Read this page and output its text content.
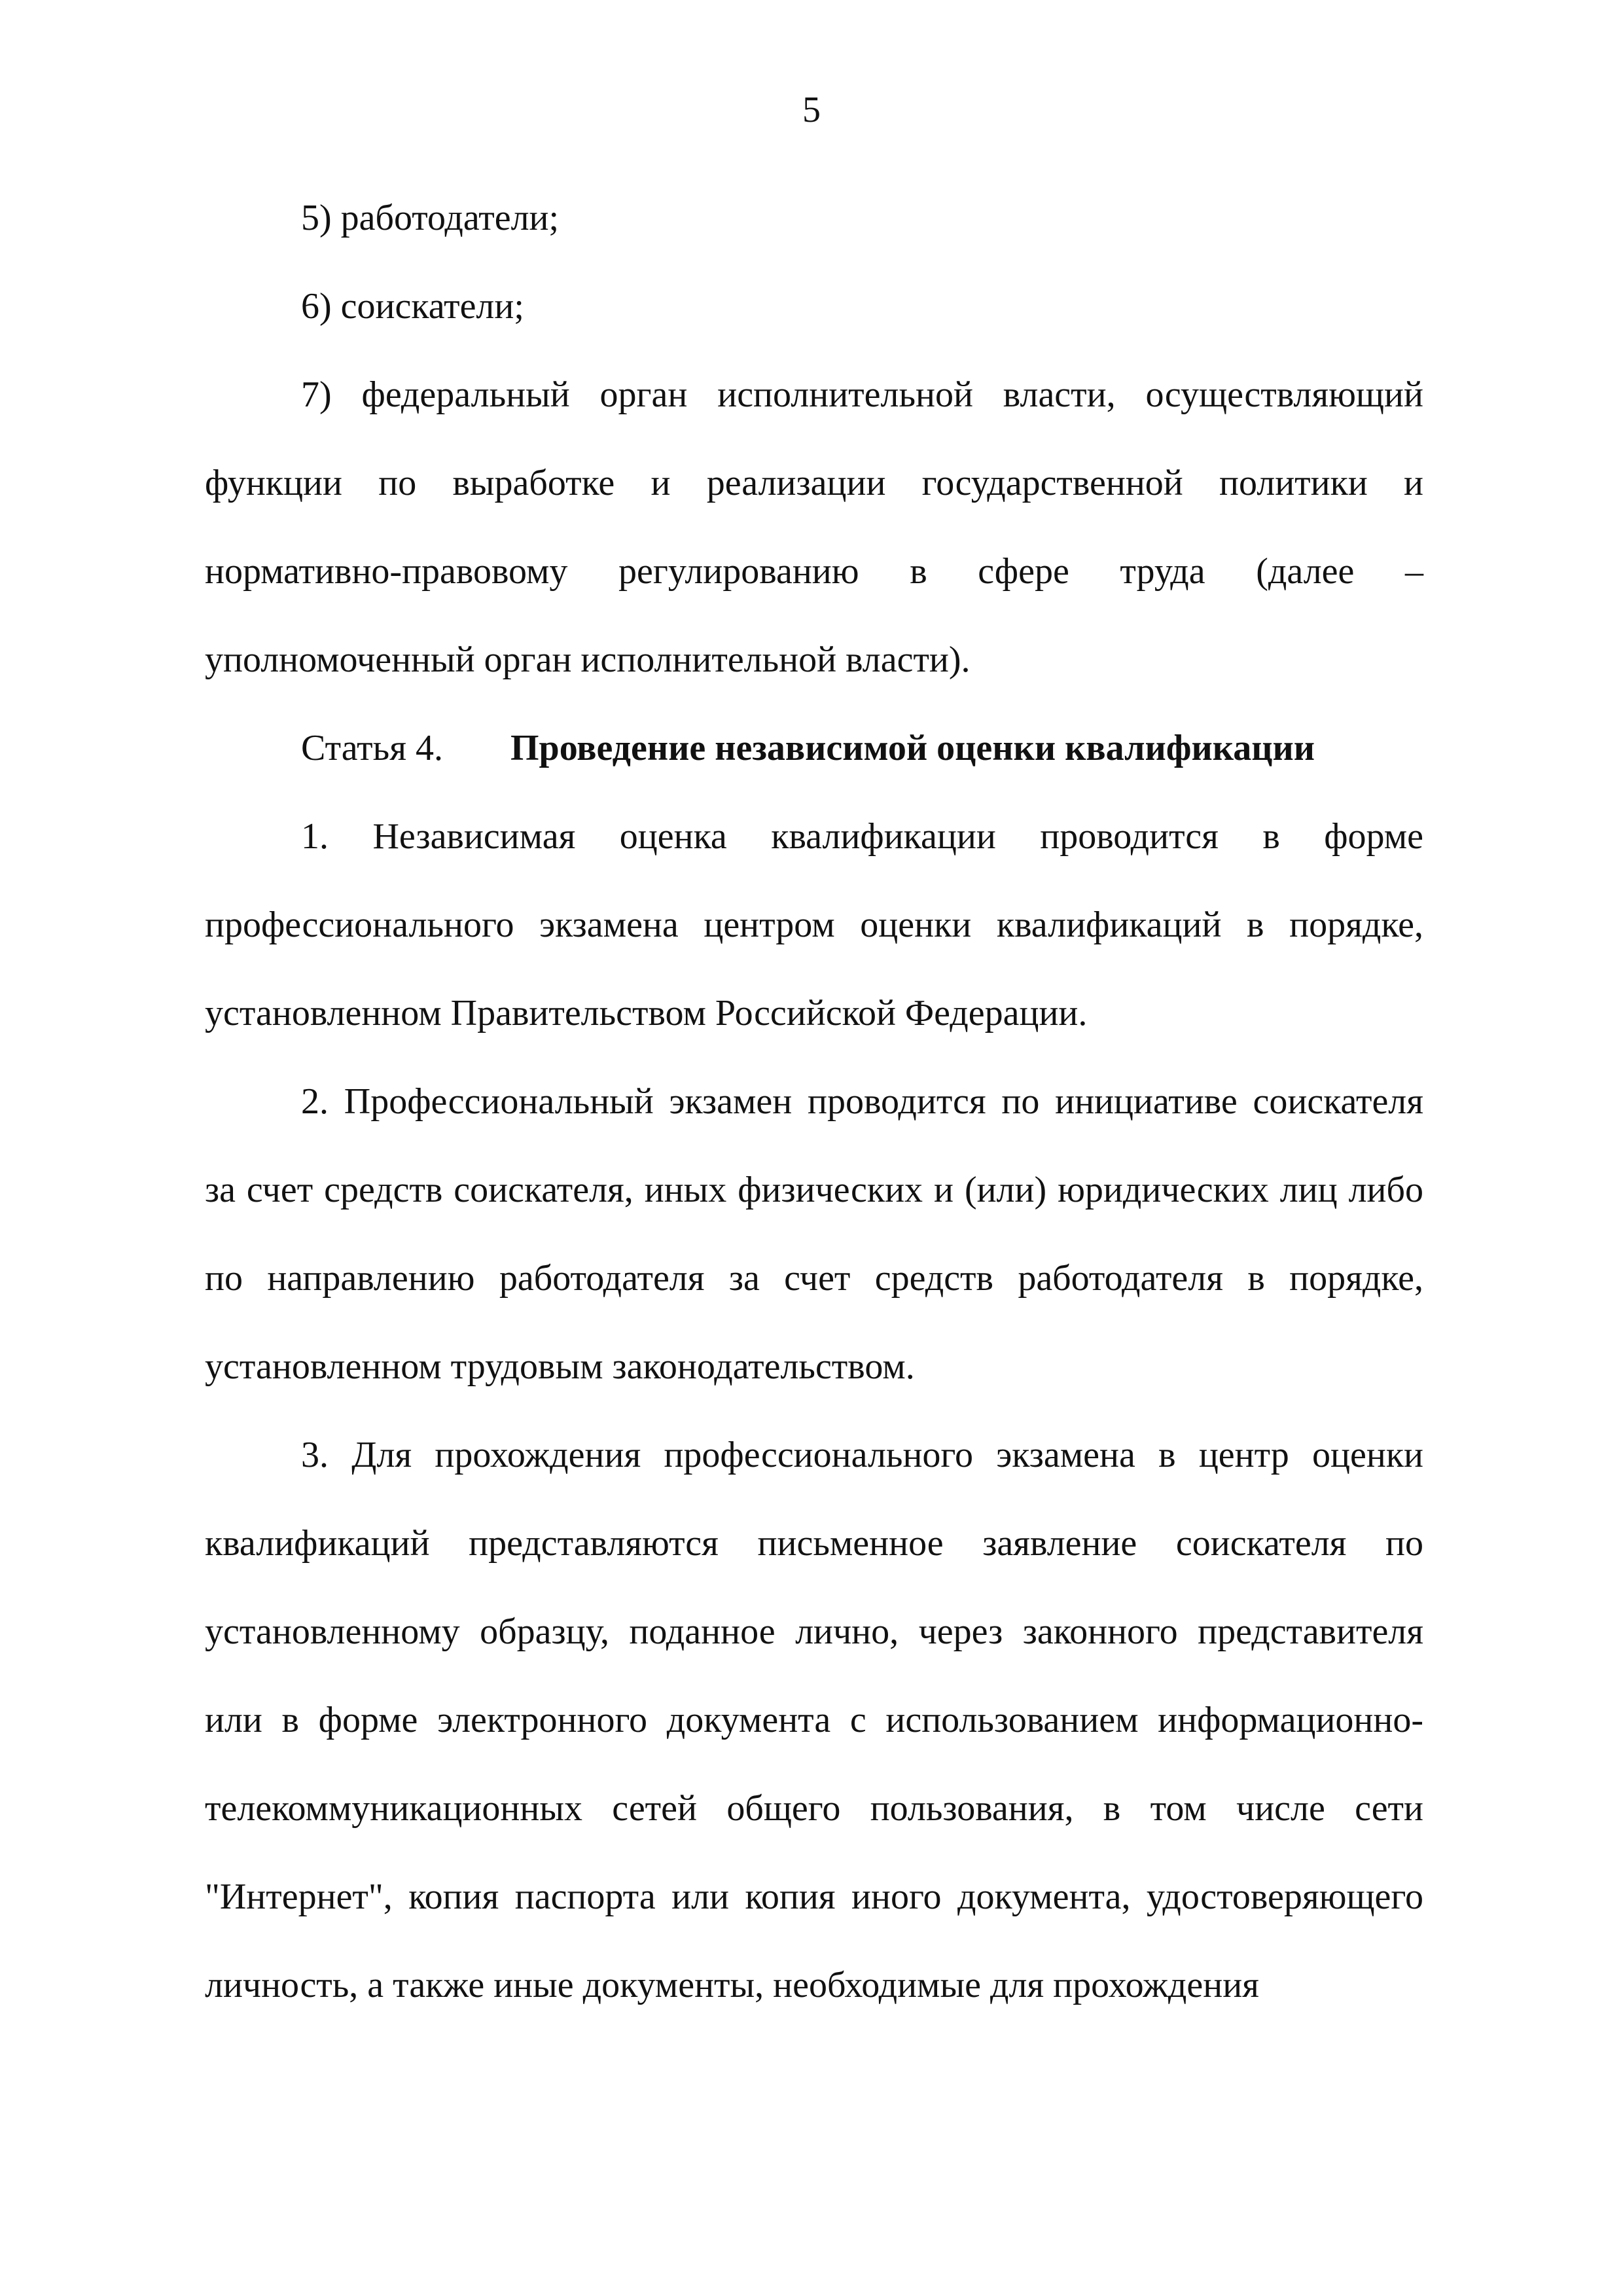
5

5) работодатели;

6) соискатели;

7) федеральный орган исполнительной власти, осуществляющий функции по выработке и реализации государственной политики и нормативно-правовому регулированию в сфере труда (далее – уполномоченный орган исполнительной власти).

Статья 4. Проведение независимой оценки квалификации

1. Независимая оценка квалификации проводится в форме профессионального экзамена центром оценки квалификаций в порядке, установленном Правительством Российской Федерации.

2. Профессиональный экзамен проводится по инициативе соискателя за счет средств соискателя, иных физических и (или) юридических лиц либо по направлению работодателя за счет средств работодателя в порядке, установленном трудовым законодательством.

3. Для прохождения профессионального экзамена в центр оценки квалификаций представляются письменное заявление соискателя по установленному образцу, поданное лично, через законного представителя или в форме электронного документа с использованием информационно-телекоммуникационных сетей общего пользования, в том числе сети "Интернет", копия паспорта или копия иного документа, удостоверяющего личность, а также иные документы, необходимые для прохождения
